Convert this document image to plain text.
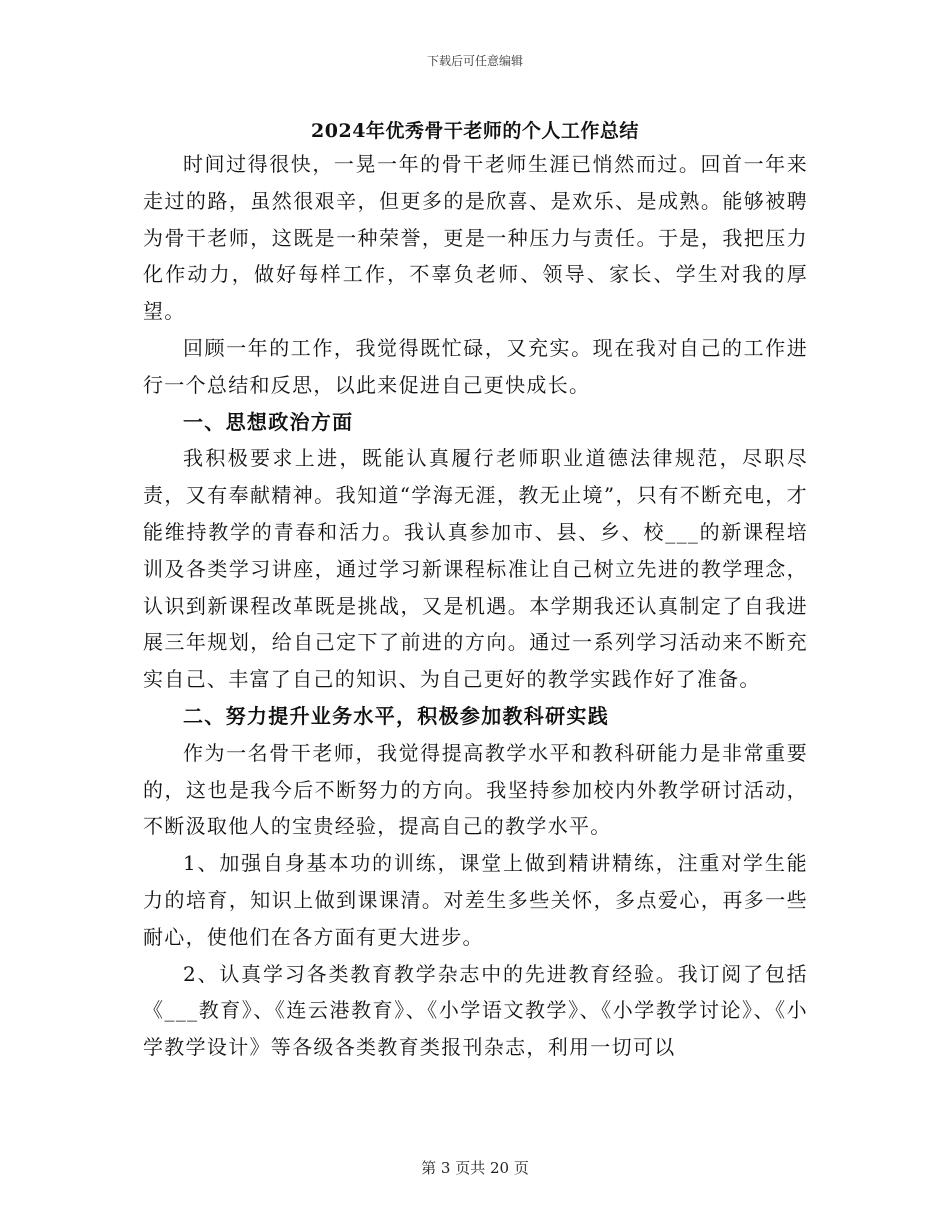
下载后可任意编辑
2024年优秀骨干老师的个人工作总结

时间过得很快，一晃一年的骨干老师生涯已悄然而过。回首一年来走过的路，虽然很艰辛，但更多的是欣喜、是欢乐、是成熟。能够被聘为骨干老师，这既是一种荣誉，更是一种压力与责任。于是，我把压力化作动力，做好每样工作，不辜负老师、领导、家长、学生对我的厚望。

回顾一年的工作，我觉得既忙碌，又充实。现在我对自己的工作进行一个总结和反思，以此来促进自己更快成长。

一、思想政治方面

我积极要求上进，既能认真履行老师职业道德法律规范，尽职尽责，又有奉献精神。我知道“学海无涯，教无止境”，只有不断充电，才能维持教学的青春和活力。我认真参加市、县、乡、校___的新课程培训及各类学习讲座，通过学习新课程标准让自己树立先进的教学理念，认识到新课程改革既是挑战，又是机遇。本学期我还认真制定了自我进展三年规划，给自己定下了前进的方向。通过一系列学习活动来不断充实自己、丰富了自己的知识、为自己更好的教学实践作好了准备。

二、努力提升业务水平，积极参加教科研实践

作为一名骨干老师，我觉得提高教学水平和教科研能力是非常重要的，这也是我今后不断努力的方向。我坚持参加校内外教学研讨活动，不断汲取他人的宝贵经验，提高自己的教学水平。

1、加强自身基本功的训练，课堂上做到精讲精练，注重对学生能力的培育，知识上做到课课清。对差生多些关怀，多点爱心，再多一些耐心，使他们在各方面有更大进步。

2、认真学习各类教育教学杂志中的先进教育经验。我订阅了包括《___教育》、《连云港教育》、《小学语文教学》、《小学教学讨论》、《小学教学设计》等各级各类教育类报刊杂志，利用一切可以

第 3 页共 20 页
